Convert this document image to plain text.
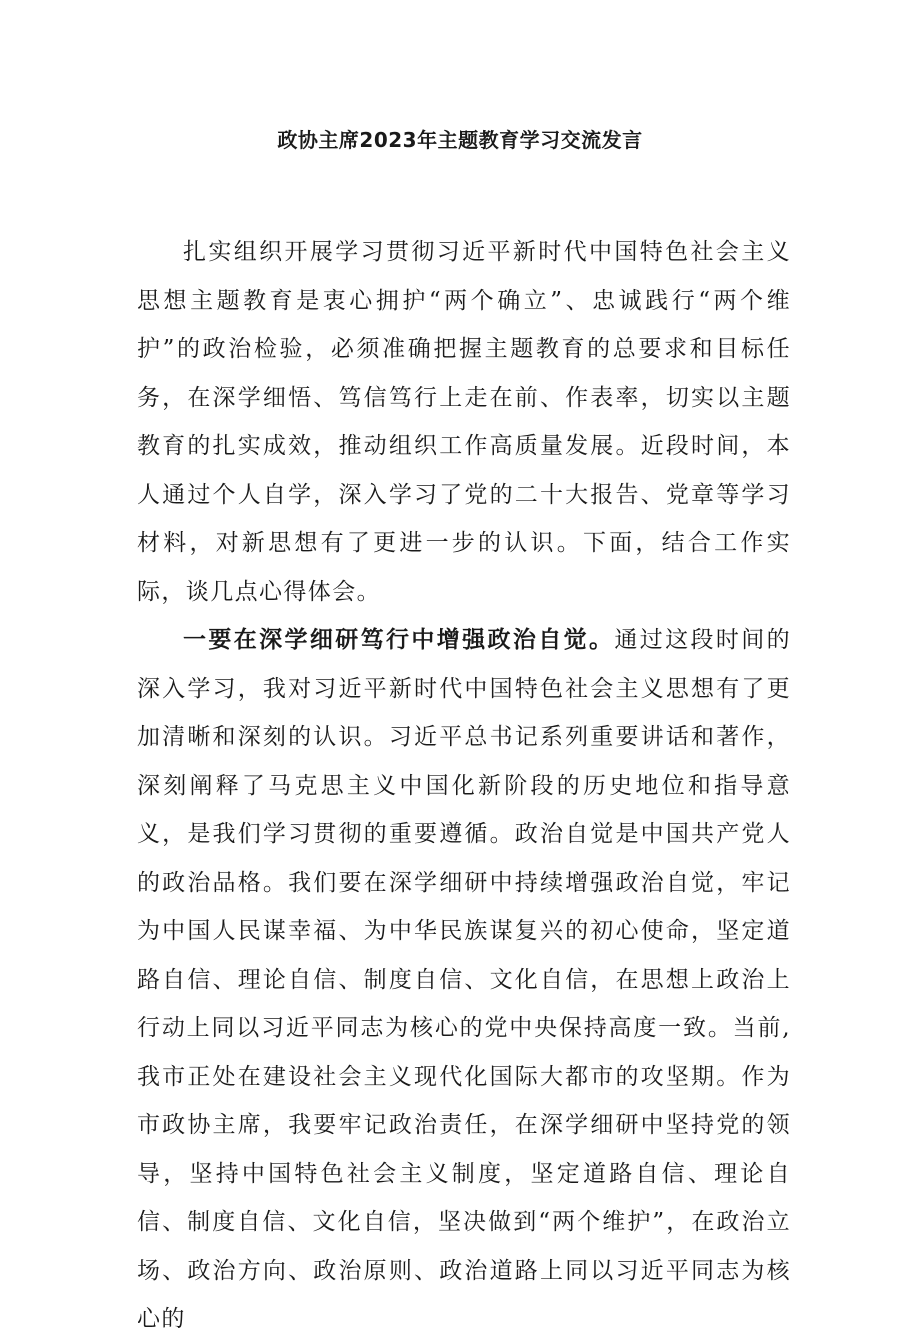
政协主席2023年主题教育学习交流发言

扎实组织开展学习贯彻习近平新时代中国特色社会主义思想主题教育是衷心拥护“两个确立”、忠诚践行“两个维护”的政治检验，必须准确把握主题教育的总要求和目标任务，在深学细悟、笃信笃行上走在前、作表率，切实以主题教育的扎实成效，推动组织工作高质量发展。近段时间，本人通过个人自学，深入学习了党的二十大报告、党章等学习材料，对新思想有了更进一步的认识。下面，结合工作实际，谈几点心得体会。

一要在深学细研笃行中增强政治自觉。通过这段时间的深入学习，我对习近平新时代中国特色社会主义思想有了更加清晰和深刻的认识。习近平总书记系列重要讲话和著作，深刻阐释了马克思主义中国化新阶段的历史地位和指导意义，是我们学习贯彻的重要遵循。政治自觉是中国共产党人的政治品格。我们要在深学细研中持续增强政治自觉，牢记为中国人民谋幸福、为中华民族谋复兴的初心使命，坚定道路自信、理论自信、制度自信、文化自信，在思想上政治上行动上同以习近平同志为核心的党中央保持高度一致。当前,我市正处在建设社会主义现代化国际大都市的攻坚期。作为市政协主席，我要牢记政治责任，在深学细研中坚持党的领导，坚持中国特色社会主义制度，坚定道路自信、理论自信、制度自信、文化自信，坚决做到“两个维护”，在政治立场、政治方向、政治原则、政治道路上同以习近平同志为核心的
